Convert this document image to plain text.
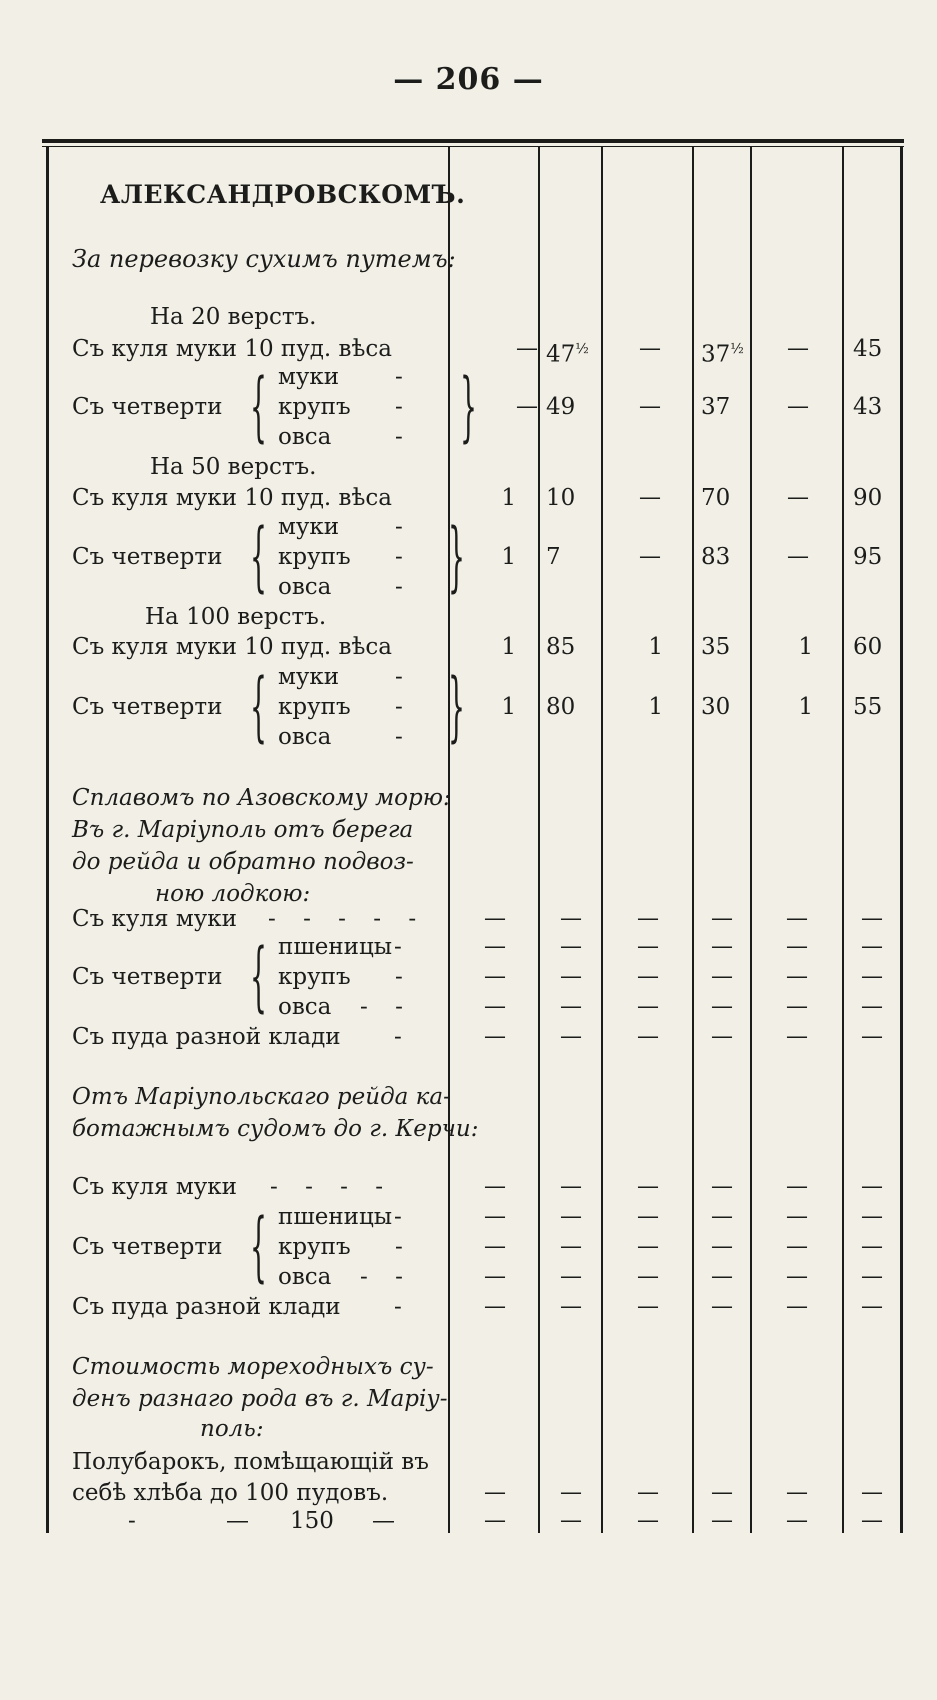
— 206 —
АЛЕКСАНДРОВСКОМЪ.
За перевозку сухимъ путемъ:
На 20 верстъ.
Съ куля муки 10 пуд. вѣса	— $47^{\frac{1}{2}}$	—	$37^{\frac{1}{2}}$	—	45
муки -
крупъ -
овса	-
{	}
Съ четверти	— 49	—	37	—	43
На 50 верстъ.
Съ куля муки 10 пуд. вѣса	1 10	—	70	—	90
муки -
крупъ -
овса	-
{ }
Съ четверти	1 7	—	83	—	95
На 100 верстъ.
Съ куля муки 10 пуд. вѣса	1 85	1 35	1	60
муки -
крупъ -
овса	-
{ }
Съ четверти	1 80	1 30	1	55
Сплавомъ по Азовскому морю:
Въ г. Маріуполь отъ берега
до рейда и обратно подвоз-
ною лодкою:
Съ куля муки - - - - -	—	—	—	—	—	—
пшеницы -	—	—	—	—	—	—
{
Съ четверти крупъ -	—	—	—	—	—	—
овса - -	—	—	—	—	—	—
Съ пуда разной клади -	—	—	—	—	—	—
Отъ Маріупольскаго рейда ка-
ботажнымъ судомъ до г. Керчи:
Съ куля муки - - - -	—	—	—	—	—	—
пшеницы -	—	—	—	—	—	—
{
Съ четверти крупъ -	—	—	—	—	—	—
овса - -	—	—	—	—	—	—
Съ пуда разной клади -	—	—	—	—	—	—
Стоимость мореходныхъ су-
денъ разнаго рода въ г. Маріу-
поль:
Полубарокъ, помѣщающій въ
себѣ хлѣба до 100 пудовъ.	—	—	—	—	—	—
-	— 150 —	—	—	—	—	—	—
